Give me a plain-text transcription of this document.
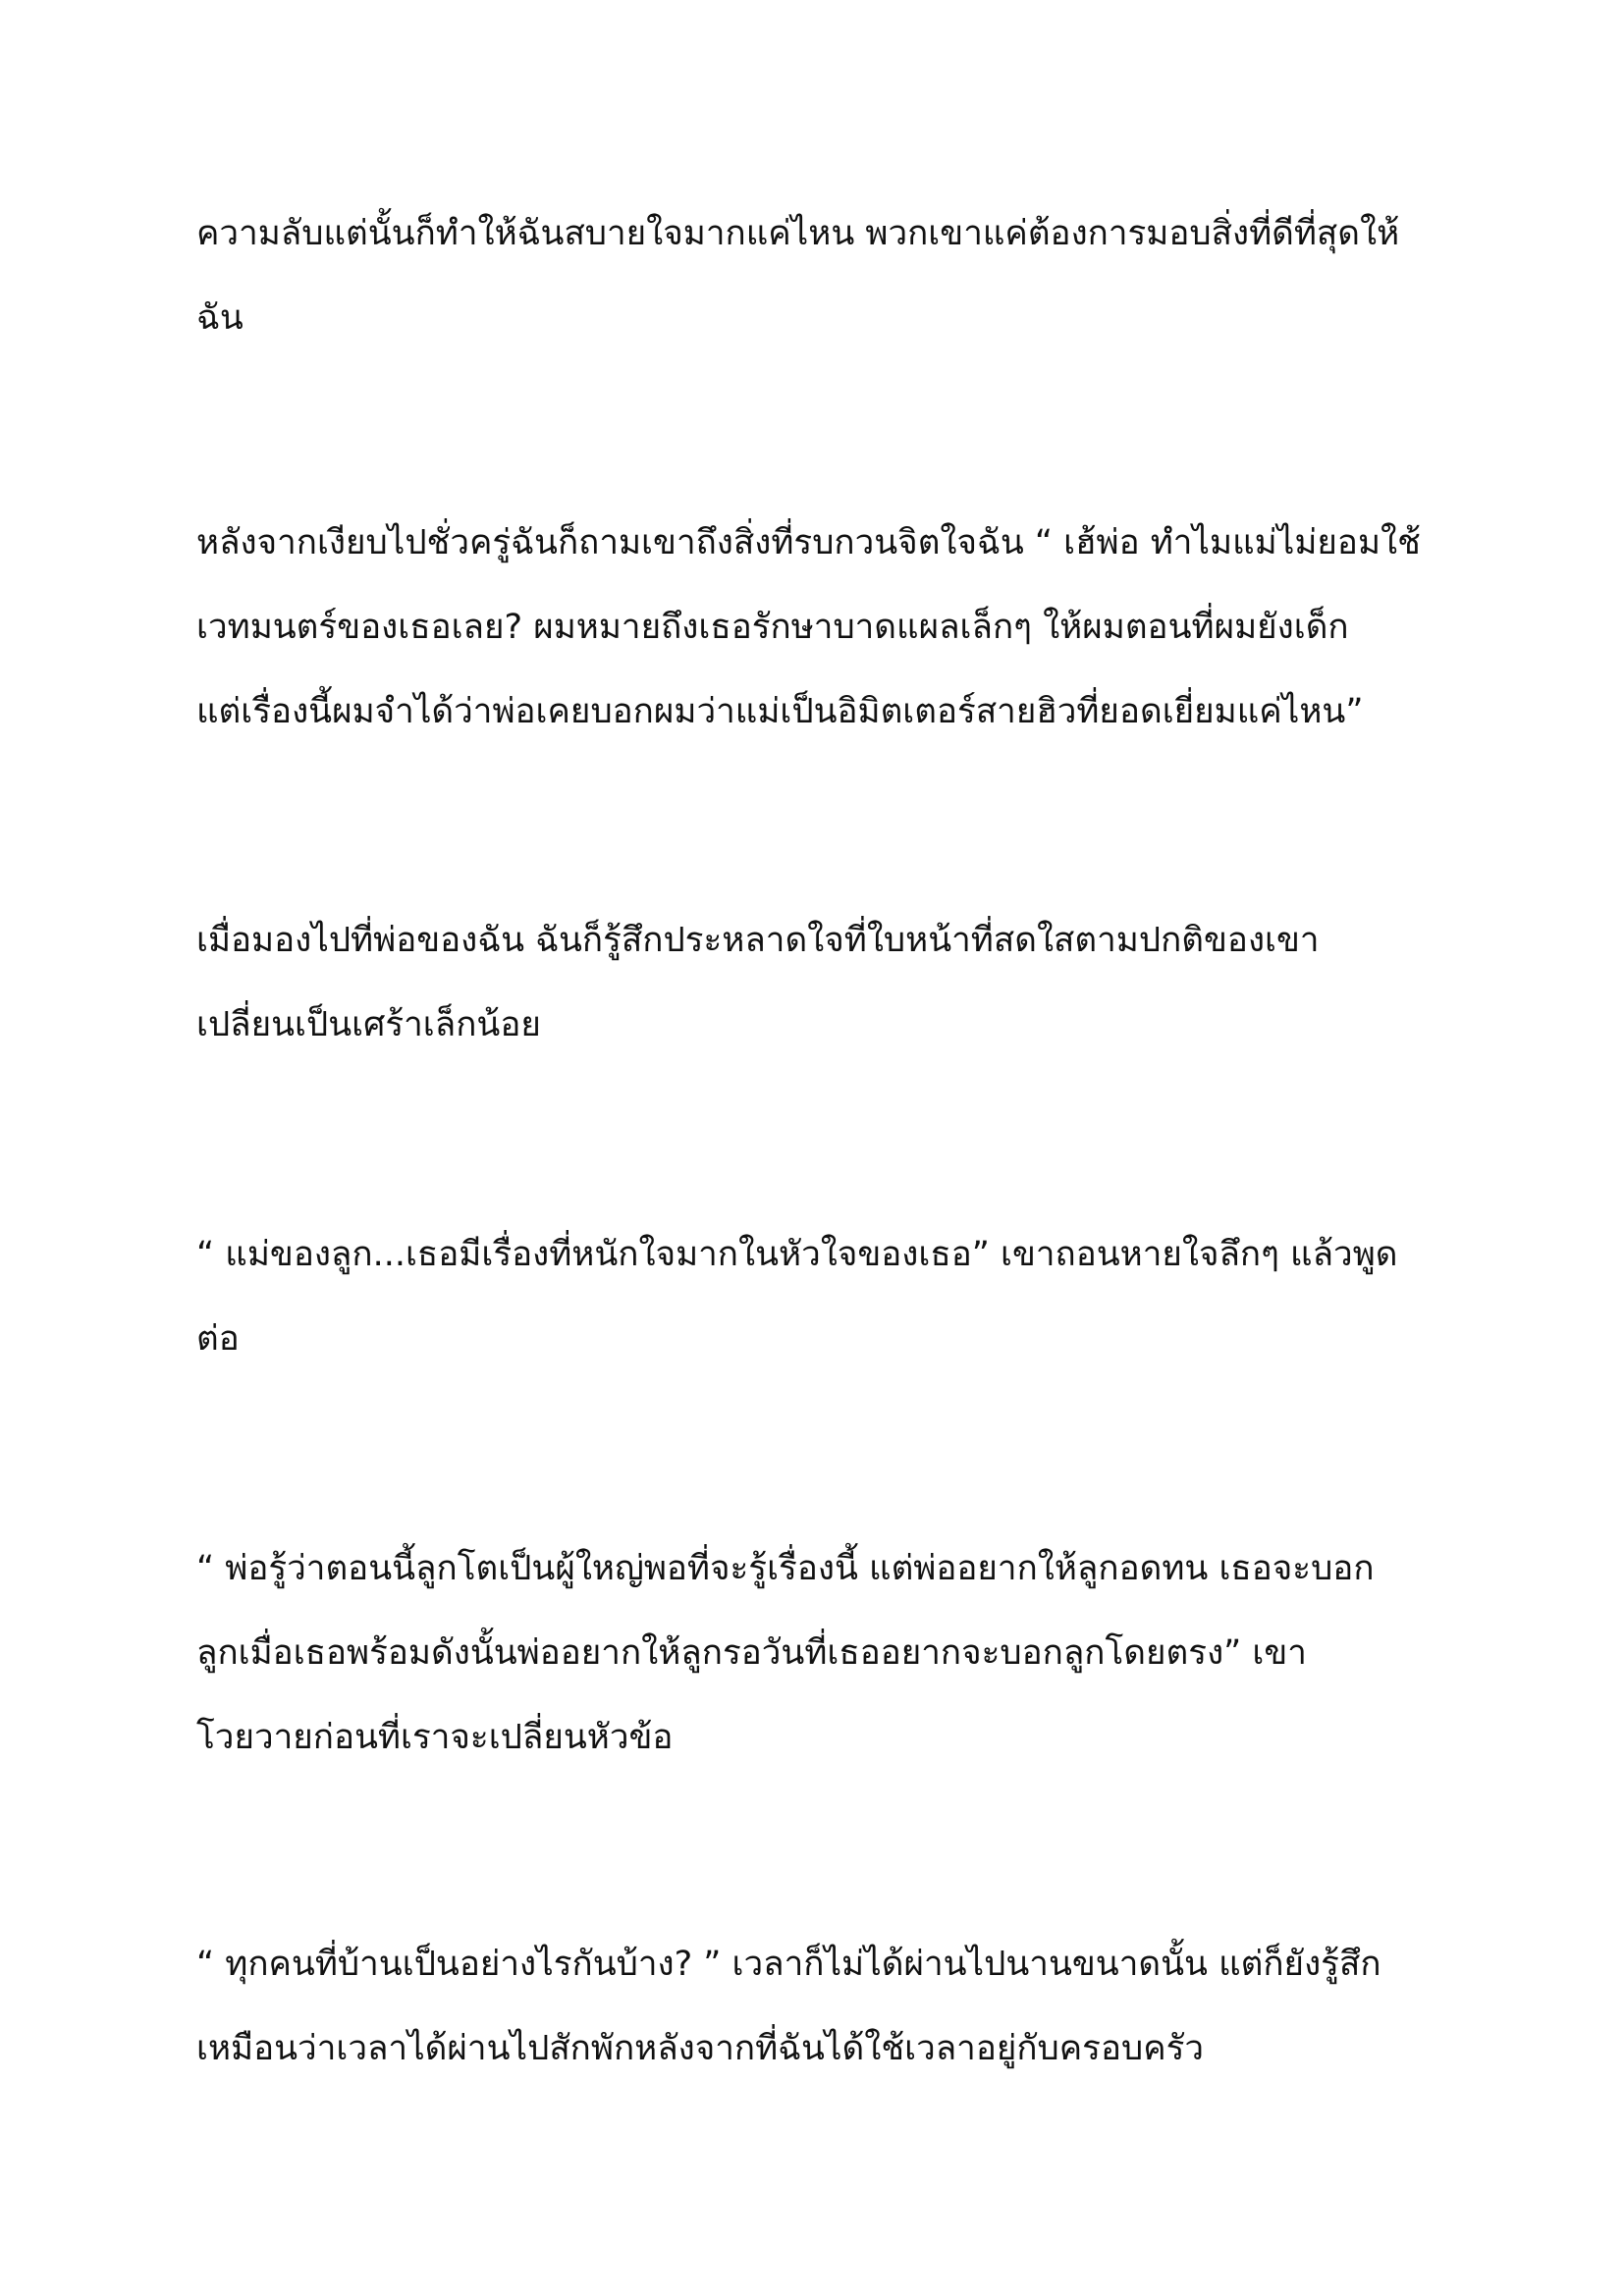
ความลับแต่นั้นก็ทำให้ฉันสบายใจมากแค่ไหน พวกเขาแค่ต้องการมอบสิ่งที่ดีที่สุดให้
ฉัน
หลังจากเงียบไปชั่วครู่ฉันก็ถามเขาถึงสิ่งที่รบกวนจิตใจฉัน “ เฮ้พ่อ ทำไมแม่ไม่ยอมใช้
เวทมนตร์ของเธอเลย? ผมหมายถึงเธอรักษาบาดแผลเล็กๆ ให้ผมตอนที่ผมยังเด็ก
แต่เรื่องนี้ผมจำได้ว่าพ่อเคยบอกผมว่าแม่เป็นอิมิตเตอร์สายฮิวที่ยอดเยี่ยมแค่ไหน”
เมื่อมองไปที่พ่อของฉัน ฉันก็รู้สึกประหลาดใจที่ใบหน้าที่สดใสตามปกติของเขา
เปลี่ยนเป็นเศร้าเล็กน้อย
“ แม่ของลูก...เธอมีเรื่องที่หนักใจมากในหัวใจของเธอ” เขาถอนหายใจลึกๆ แล้วพูด
ต่อ
“ พ่อรู้ว่าตอนนี้ลูกโตเป็นผู้ใหญ่พอที่จะรู้เรื่องนี้ แต่พ่ออยากให้ลูกอดทน เธอจะบอก
ลูกเมื่อเธอพร้อมดังนั้นพ่ออยากให้ลูกรอวันที่เธออยากจะบอกลูกโดยตรง” เขา
โวยวายก่อนที่เราจะเปลี่ยนหัวข้อ
“ ทุกคนที่บ้านเป็นอย่างไรกันบ้าง? ” เวลาก็ไม่ได้ผ่านไปนานขนาดนั้น แต่ก็ยังรู้สึก
เหมือนว่าเวลาได้ผ่านไปสักพักหลังจากที่ฉันได้ใช้เวลาอยู่กับครอบครัว
